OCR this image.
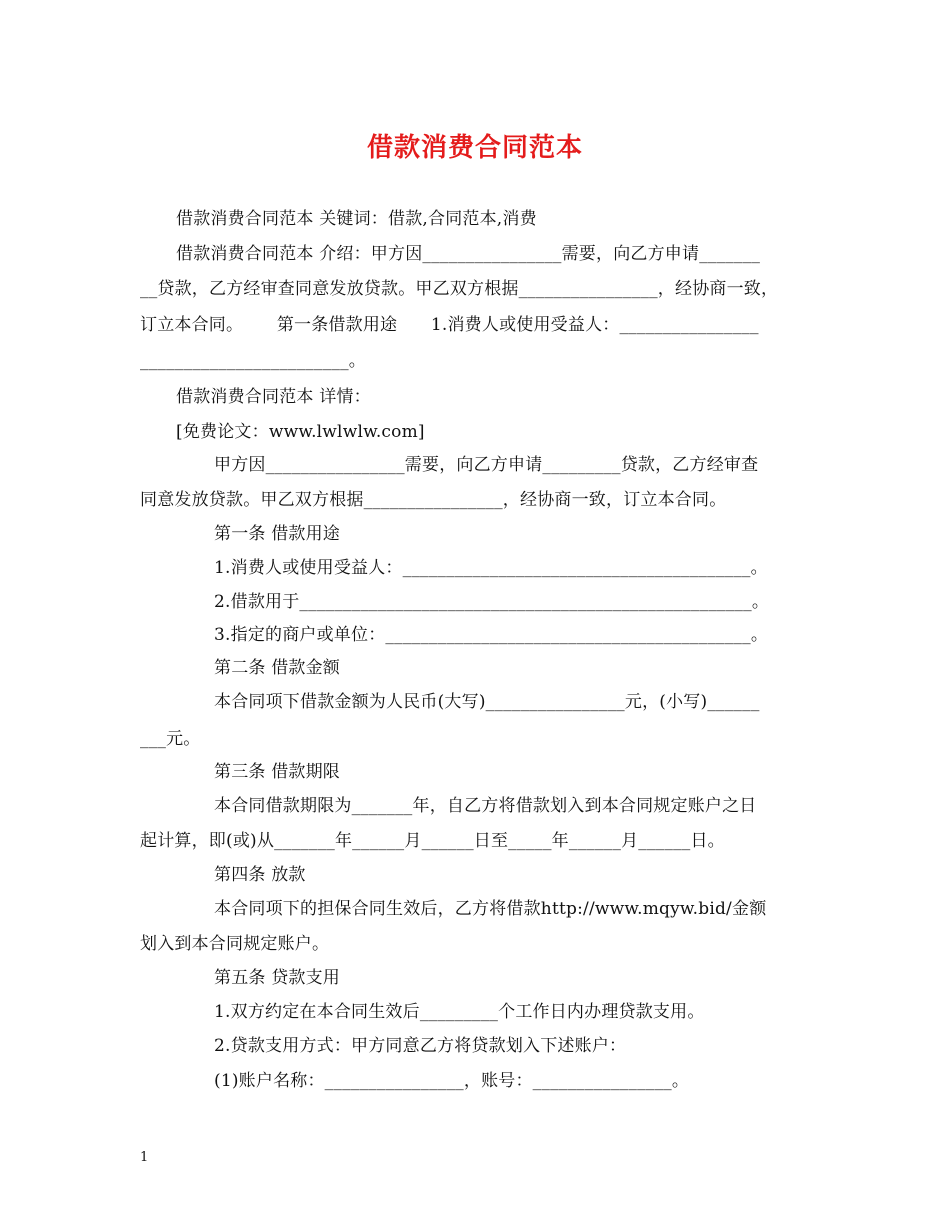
借款消费合同范本
借款消费合同范本 关键词：借款,合同范本,消费
借款消费合同范本 介绍：甲方因________________需要，向乙方申请_______
__贷款，乙方经审查同意发放贷款。甲乙双方根据________________，经协商一致，
订立本合同。      第一条借款用途      1.消费人或使用受益人：________________
________________________。
借款消费合同范本 详情：
[免费论文：www.lwlwlw.com]
甲方因________________需要，向乙方申请_________贷款，乙方经审查
同意发放贷款。甲乙双方根据________________，经协商一致，订立本合同。
第一条 借款用途
1.消费人或使用受益人：________________________________________。
2.借款用于____________________________________________________。
3.指定的商户或单位：__________________________________________。
第二条 借款金额
本合同项下借款金额为人民币(大写)________________元，(小写)______
___元。
第三条 借款期限
本合同借款期限为_______年，自乙方将借款划入到本合同规定账户之日
起计算，即(或)从_______年______月______日至_____年______月______日。
第四条 放款
本合同项下的担保合同生效后，乙方将借款http://www.mqyw.bid/金额
划入到本合同规定账户。
第五条 贷款支用
1.双方约定在本合同生效后_________个工作日内办理贷款支用。
2.贷款支用方式：甲方同意乙方将贷款划入下述账户：
(1)账户名称：________________，账号：________________。
1
